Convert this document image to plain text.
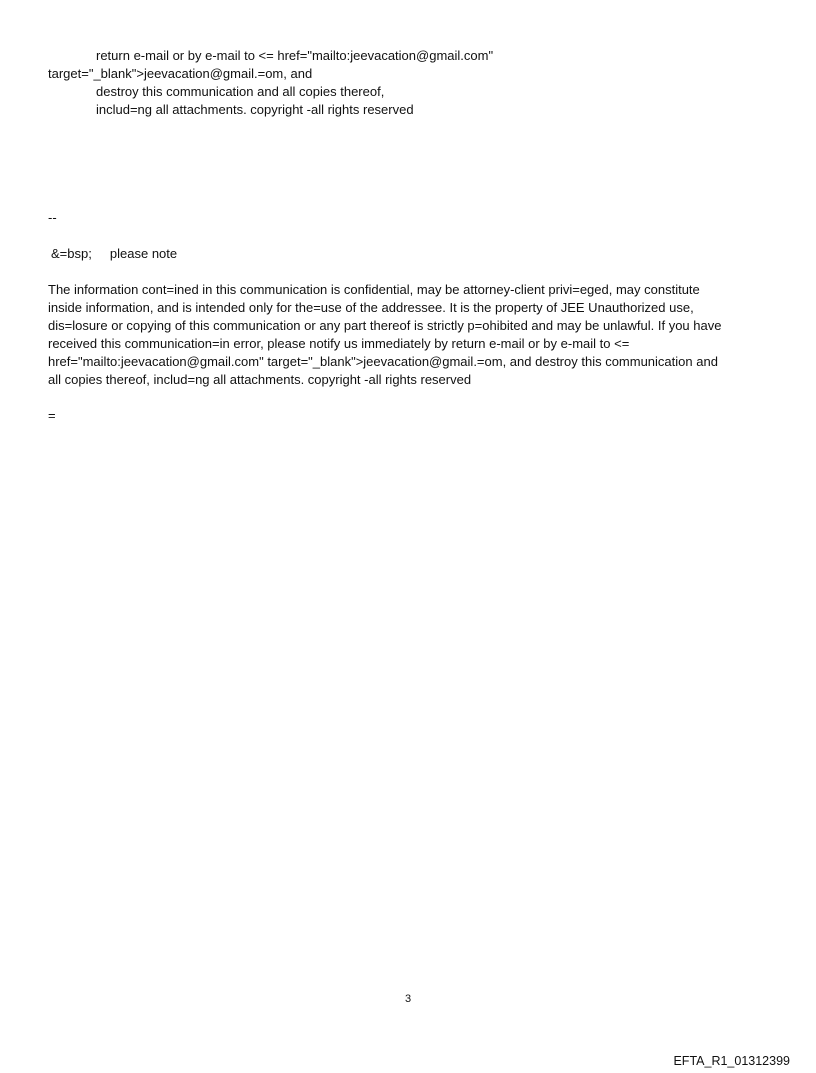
return e-mail or by e-mail to <= href="mailto:jeevacation@gmail.com"
target="_blank">jeevacation@gmail.=om, and
destroy this communication and all copies thereof,
includ=ng all attachments. copyright -all rights reserved
--
&=bsp;     please note
The information cont=ined in this communication is confidential, may be attorney-client privi=eged, may constitute
inside information, and is intended only for the=use of the addressee. It is the property of JEE Unauthorized use,
dis=losure or copying of this communication or any part thereof is strictly p=ohibited and may be unlawful. If you have
received this communication=in error, please notify us immediately by return e-mail or by e-mail to <=
href="mailto:jeevacation@gmail.com" target="_blank">jeevacation@gmail.=om, and destroy this communication and
all copies thereof, includ=ng all attachments. copyright -all rights reserved
=
3
EFTA_R1_01312399
